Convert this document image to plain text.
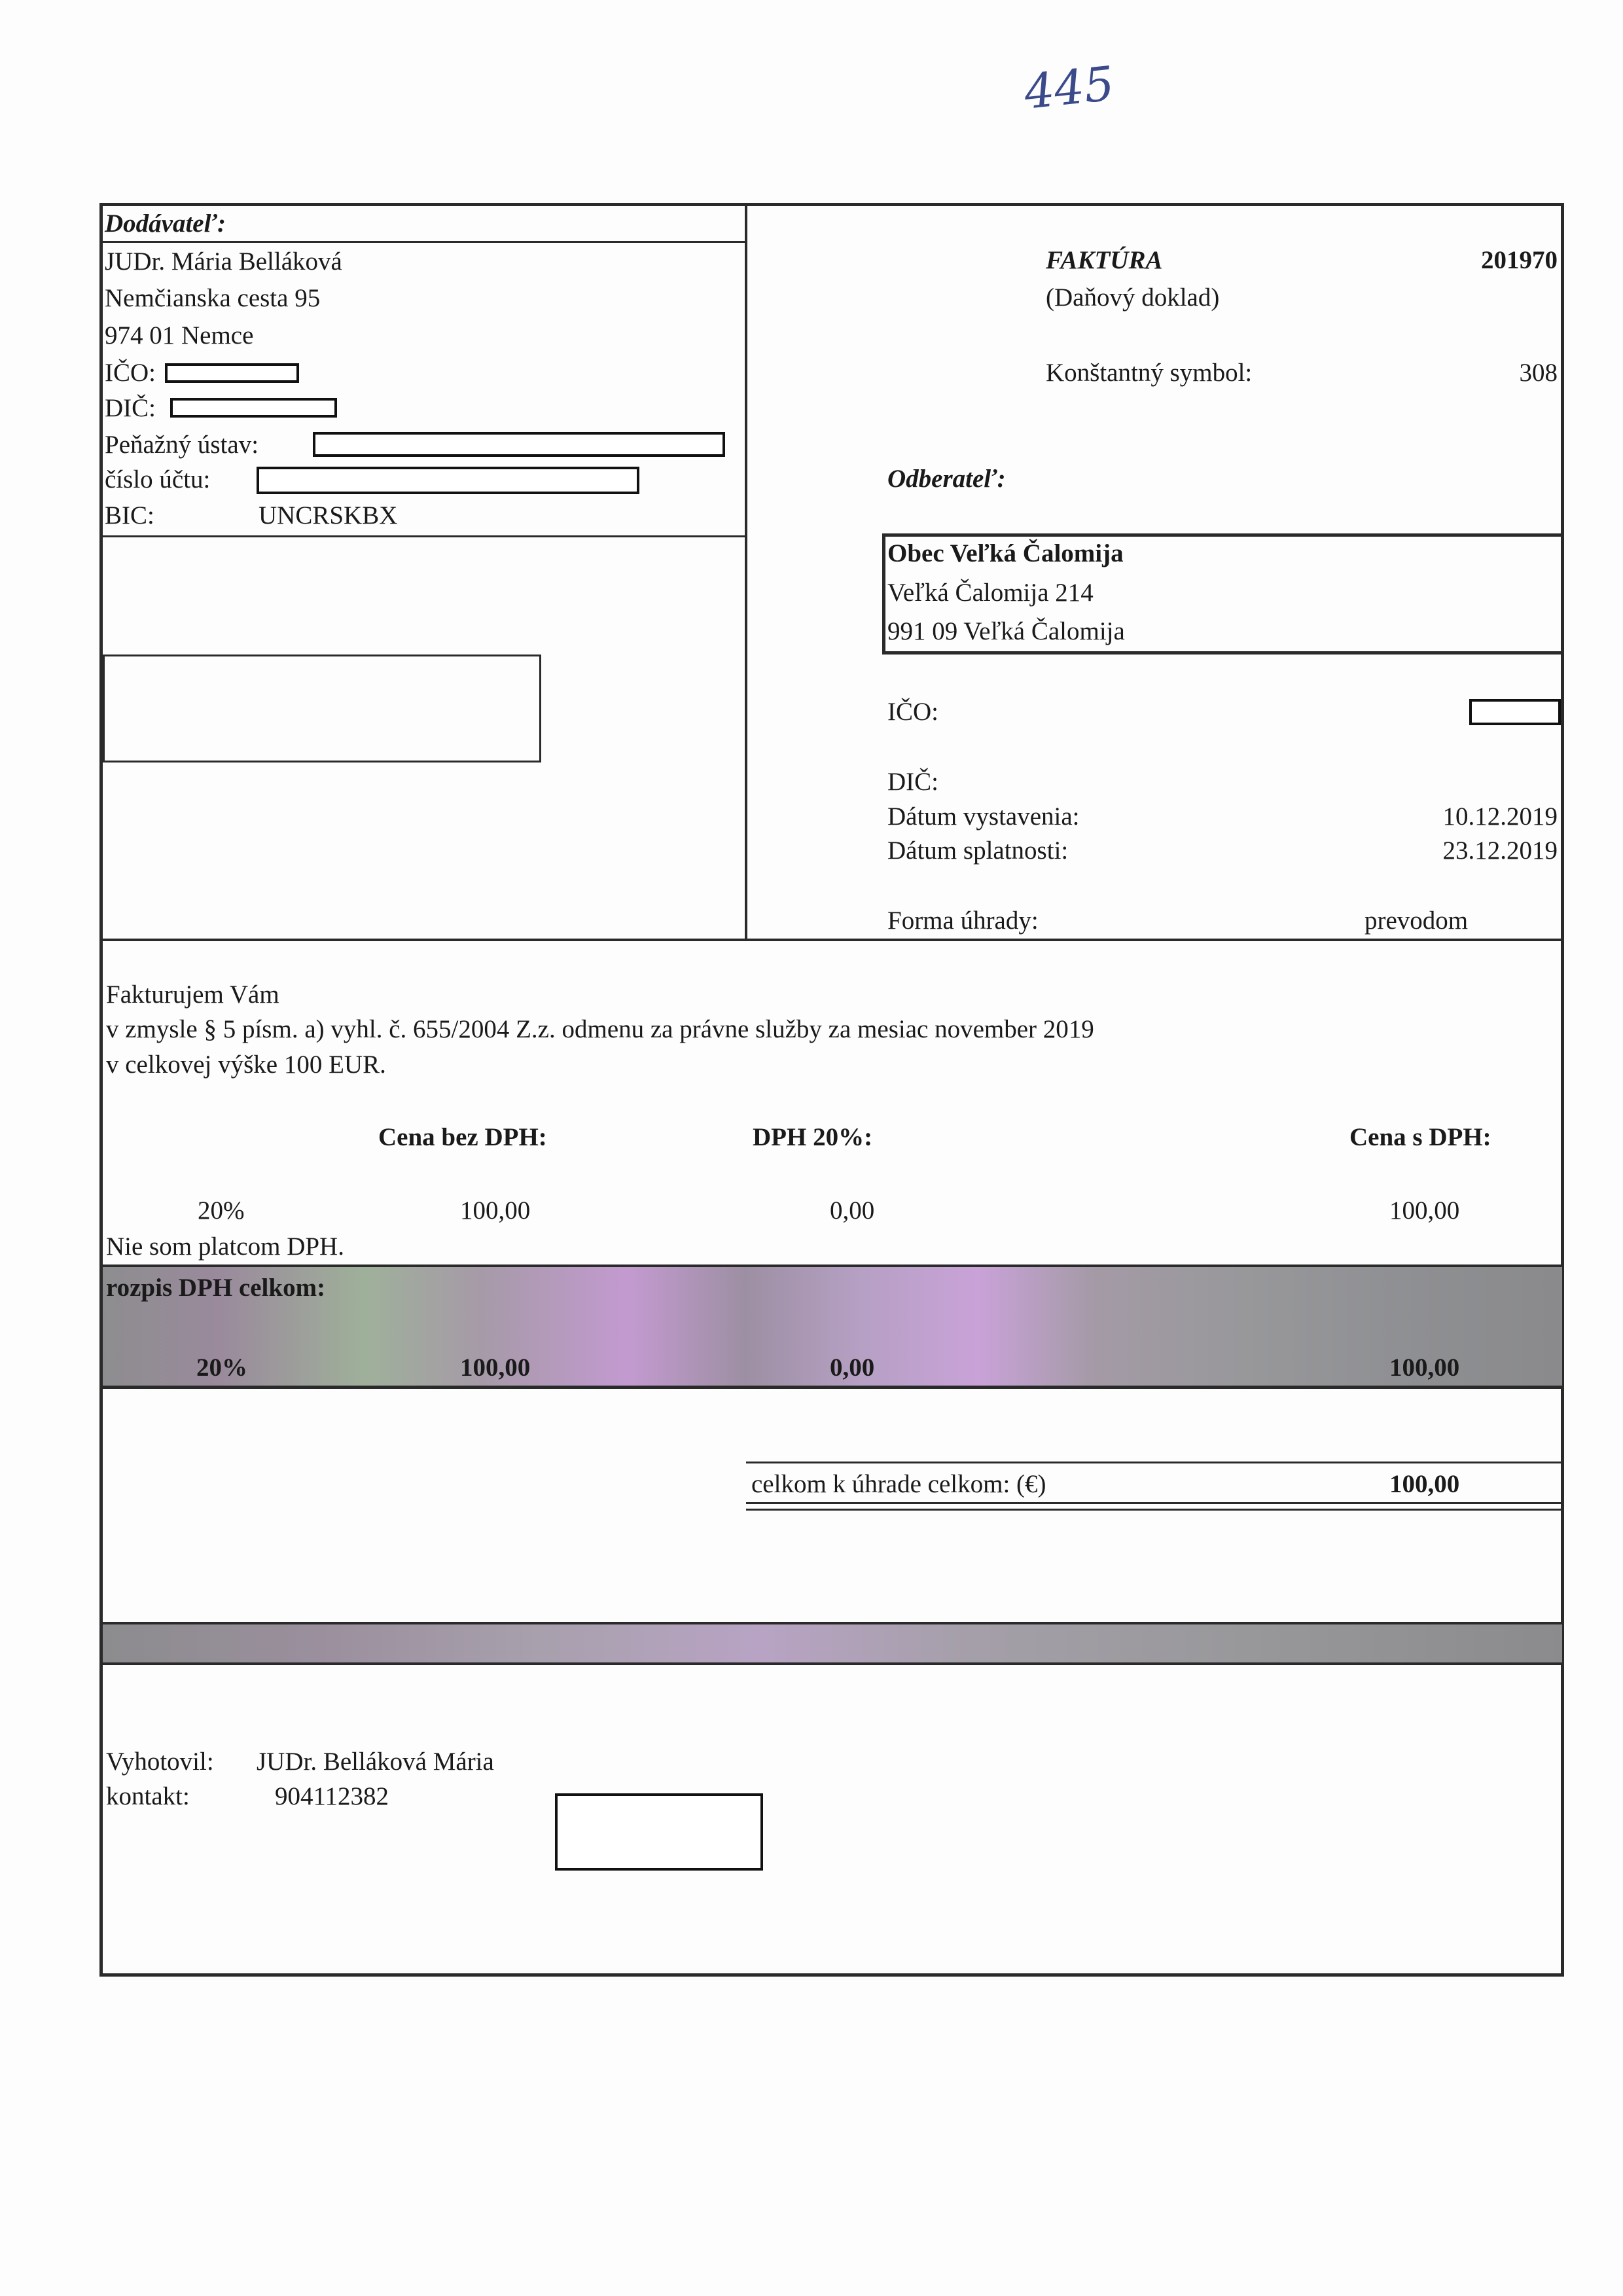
445
Dodávateľ:
JUDr. Mária Belláková
Nemčianska cesta 95
974 01 Nemce
IČO:
DIČ:
Peňažný ústav:
číslo účtu:
BIC:	UNCRSKBX
FAKTÚRA	201970
(Daňový doklad)
Konštantný symbol:	308
Odberateľ:
Obec Veľká Čalomija
Veľká Čalomija 214
991 09 Veľká Čalomija
IČO:
DIČ:
Dátum vystavenia:	10.12.2019
Dátum splatnosti:	23.12.2019
Forma úhrady:	prevodom
Fakturujem Vám
v zmysle § 5 písm. a) vyhl. č. 655/2004 Z.z. odmenu za právne služby za mesiac november 2019
v celkovej výške 100 EUR.
Cena bez DPH:	DPH 20%:	Cena s DPH:
20%	100,00	0,00	100,00
Nie som platcom DPH.
rozpis DPH celkom:
20%	100,00	0,00	100,00
celkom k úhrade celkom: (€)	100,00
Vyhotovil: JUDr. Belláková Mária
kontakt:	904112382
